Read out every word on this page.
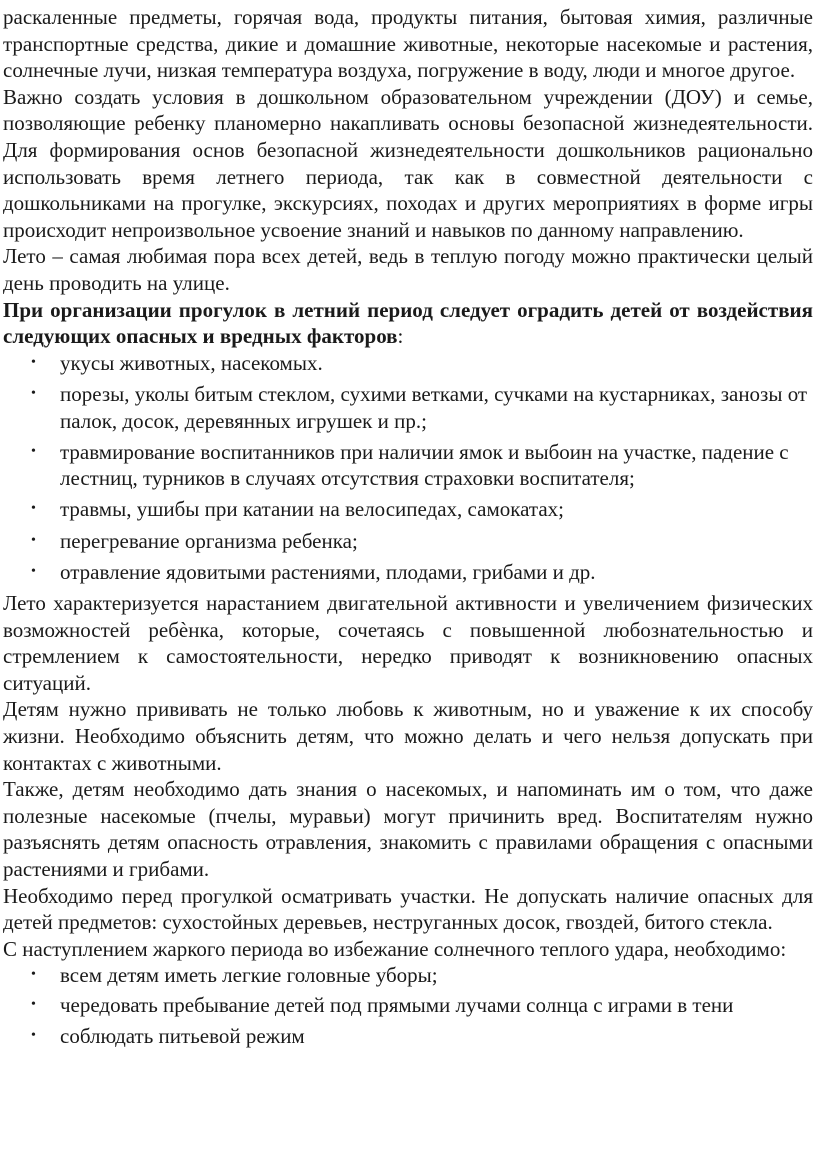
раскаленные предметы, горячая вода, продукты питания, бытовая химия, различные транспортные средства, дикие и домашние животные, некоторые насекомые и растения, солнечные лучи, низкая температура воздуха, погружение в воду, люди и многое другое.

Важно создать условия в дошкольном образовательном учреждении (ДОУ) и семье, позволяющие ребенку планомерно накапливать основы безопасной жизнедеятельности. Для формирования основ безопасной жизнедеятельности дошкольников рационально использовать время летнего периода, так как в совместной деятельности с дошкольниками на прогулке, экскурсиях, походах и других мероприятиях в форме игры происходит непроизвольное усвоение знаний и навыков по данному направлению.

Лето – самая любимая пора всех детей, ведь в теплую погоду можно практически целый день проводить на улице.

При организации прогулок в летний период следует оградить детей от воздействия следующих опасных и вредных факторов:

• укусы животных, насекомых.
• порезы, уколы битым стеклом, сухими ветками, сучками на кустарниках, занозы от палок, досок, деревянных игрушек и пр.;
• травмирование воспитанников при наличии ямок и выбоин на участке, падение с лестниц, турников в случаях отсутствия страховки воспитателя;
• травмы, ушибы при катании на велосипедах, самокатах;
• перегревание организма ребенка;
• отравление ядовитыми растениями, плодами, грибами и др.

Лето характеризуется нарастанием двигательной активности и увеличением физических возможностей ребѐнка, которые, сочетаясь с повышенной любознательностью и стремлением к самостоятельности, нередко приводят к возникновению опасных ситуаций.

Детям нужно прививать не только любовь к животным, но и уважение к их способу жизни. Необходимо объяснить детям, что можно делать и чего нельзя допускать при контактах с животными.

Также, детям необходимо дать знания о насекомых, и напоминать им о том, что даже полезные насекомые (пчелы, муравьи) могут причинить вред. Воспитателям нужно разъяснять детям опасность отравления, знакомить с правилами обращения с опасными растениями и грибами.

Необходимо перед прогулкой осматривать участки. Не допускать наличие опасных для детей предметов: сухостойных деревьев, неструганных досок, гвоздей, битого стекла.

С наступлением жаркого периода во избежание солнечного теплого удара, необходимо:

• всем детям иметь легкие головные уборы;
• чередовать пребывание детей под прямыми лучами солнца с играми в тени
• соблюдать питьевой режим
